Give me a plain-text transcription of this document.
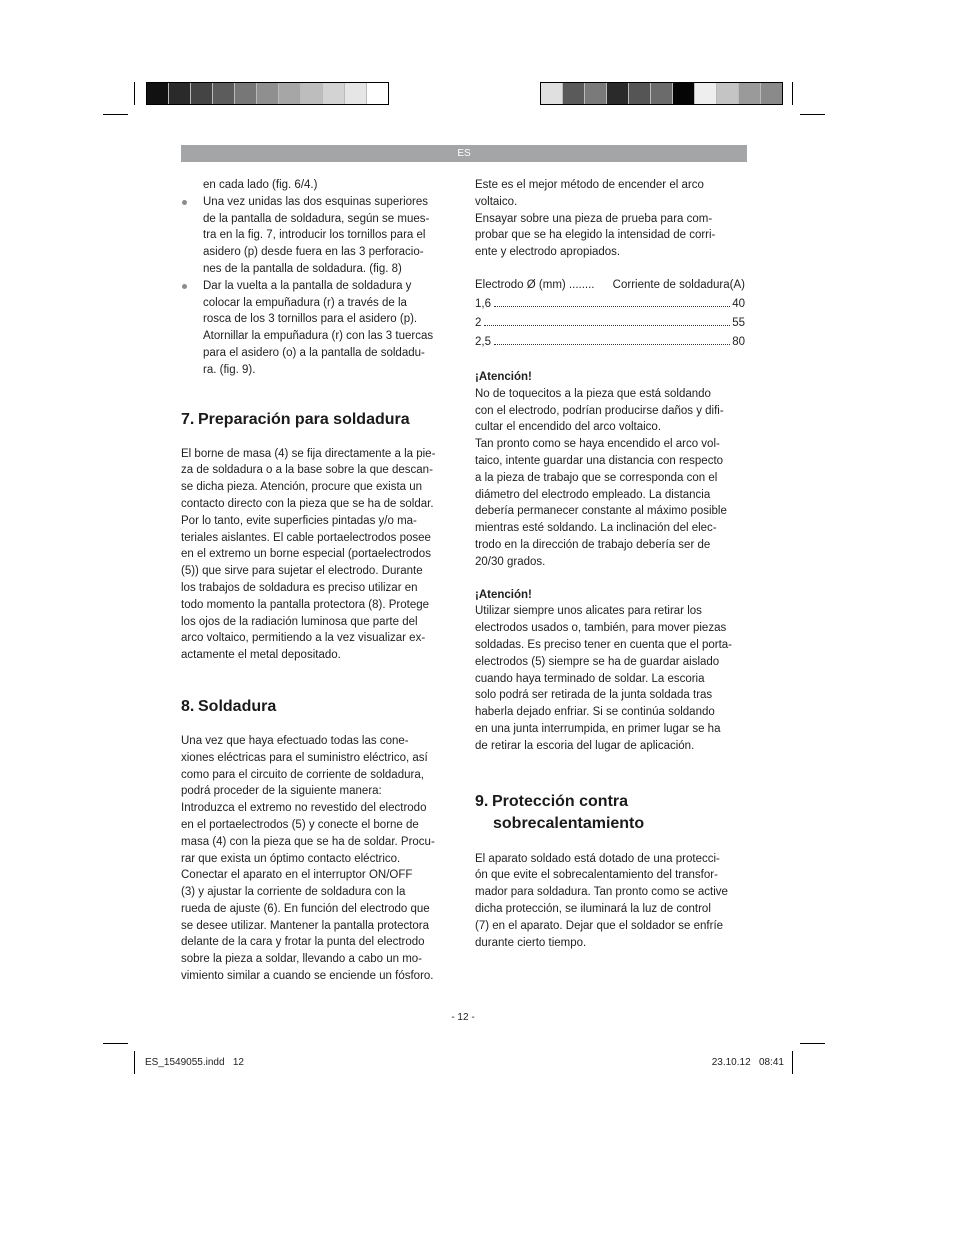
ES

en cada lado (fig. 6/4.)

Una vez unidas las dos esquinas superiores
de la pantalla de soldadura, según se mues-
tra en la fig. 7, introducir los tornillos para el
asidero (p) desde fuera en las 3 perforacio-
nes de la pantalla de soldadura. (fig. 8)
Dar la vuelta a la pantalla de soldadura y
colocar la empuñadura (r) a través de la
rosca de los 3 tornillos para el asidero (p).
Atornillar la empuñadura (r) con las 3 tuercas
para el asidero (o) a la pantalla de soldadu-
ra. (fig. 9).
7. Preparación para soldadura
El borne de masa (4) se fija directamente a la pie-
za de soldadura o a la base sobre la que descan-
se dicha pieza. Atención, procure que exista un
contacto directo con la pieza que se ha de soldar.
Por lo tanto, evite superficies pintadas y/o ma-
teriales aislantes. El cable portaelectrodos posee
en el extremo un borne especial (portaelectrodos
(5)) que sirve para sujetar el electrodo. Durante
los trabajos de soldadura es preciso utilizar en
todo momento la pantalla protectora (8). Protege
los ojos de la radiación luminosa que parte del
arco voltaico, permitiendo a la vez visualizar ex-
actamente el metal depositado.
8. Soldadura
Una vez que haya efectuado todas las cone-
xiones eléctricas para el suministro eléctrico, así
como para el circuito de corriente de soldadura,
podrá proceder de la siguiente manera:
Introduzca el extremo no revestido del electrodo
en el portaelectrodos (5) y conecte el borne de
masa (4) con la pieza que se ha de soldar. Procu-
rar que exista un óptimo contacto eléctrico.
Conectar el aparato en el interruptor ON/OFF
(3) y ajustar la corriente de soldadura con la
rueda de ajuste (6). En función del electrodo que
se desee utilizar. Mantener la pantalla protectora
delante de la cara y frotar la punta del electrodo
sobre la pieza a soldar, llevando a cabo un mo-
vimiento similar a cuando se enciende un fósforo.
Este es el mejor método de encender el arco
voltaico.
Ensayar sobre una pieza de prueba para com-
probar que se ha elegido la intensidad de corri-
ente y electrodo apropiados.
Electrodo Ø (mm) ........ Corriente de soldadura(A)
1,6	40
2	55
2,5	80
¡Atención!
No de toquecitos a la pieza que está soldando
con el electrodo, podrían producirse daños y difi-
cultar el encendido del arco voltaico.
Tan pronto como se haya encendido el arco vol-
taico, intente guardar una distancia con respecto
a la pieza de trabajo que se corresponda con el
diámetro del electrodo empleado. La distancia
debería permanecer constante al máximo posible
mientras esté soldando. La inclinación del elec-
trodo en la dirección de trabajo debería ser de
20/30 grados.
¡Atención!
Utilizar siempre unos alicates para retirar los
electrodos usados o, también, para mover piezas
soldadas. Es preciso tener en cuenta que el porta-
electrodos (5) siempre se ha de guardar aislado
cuando haya terminado de soldar. La escoria
solo podrá ser retirada de la junta soldada tras
haberla dejado enfriar. Si se continúa soldando
en una junta interrumpida, en primer lugar se ha
de retirar la escoria del lugar de aplicación.
9. Protección contra
sobrecalentamiento
El aparato soldado está dotado de una protecci-
ón que evite el sobrecalentamiento del transfor-
mador para soldadura. Tan pronto como se active
dicha protección, se iluminará la luz de control
(7) en el aparato. Dejar que el soldador se enfríe
durante cierto tiempo.
- 12 -
ES_1549055.indd   12	23.10.12   08:41
